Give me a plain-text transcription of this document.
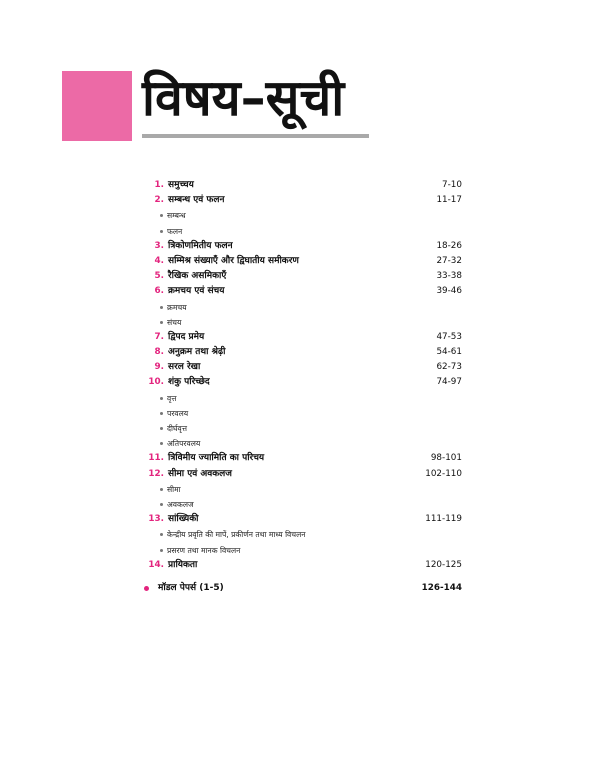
विषय–सूची
1. समुच्चय	7-10
2. सम्बन्ध एवं फलन	11-17
सम्बन्ध
फलन
3. त्रिकोणमितीय फलन	18-26
4. सम्मिश्र संख्याएँ और द्विघातीय समीकरण	27-32
5. रैखिक असमिकाएँ	33-38
6. क्रमचय एवं संचय	39-46
क्रमचय
संचय
7. द्विपद प्रमेय	47-53
8. अनुक्रम तथा श्रेढ़ी	54-61
9. सरल रेखा	62-73
10. शंकु परिच्छेद	74-97
वृत्त
परवलय
दीर्घवृत्त
अतिपरवलय
11. त्रिविमीय ज्यामिति का परिचय	98-101
12. सीमा एवं अवकलज	102-110
सीमा
अवकलज
13. सांख्यिकी	111-119
केन्द्रीय प्रवृति की मापें, प्रकीर्णन तथा माध्य विचलन
प्रसरण तथा मानक विचलन
14. प्रायिकता	120-125
मॉडल पेपर्स (1-5)	126-144
